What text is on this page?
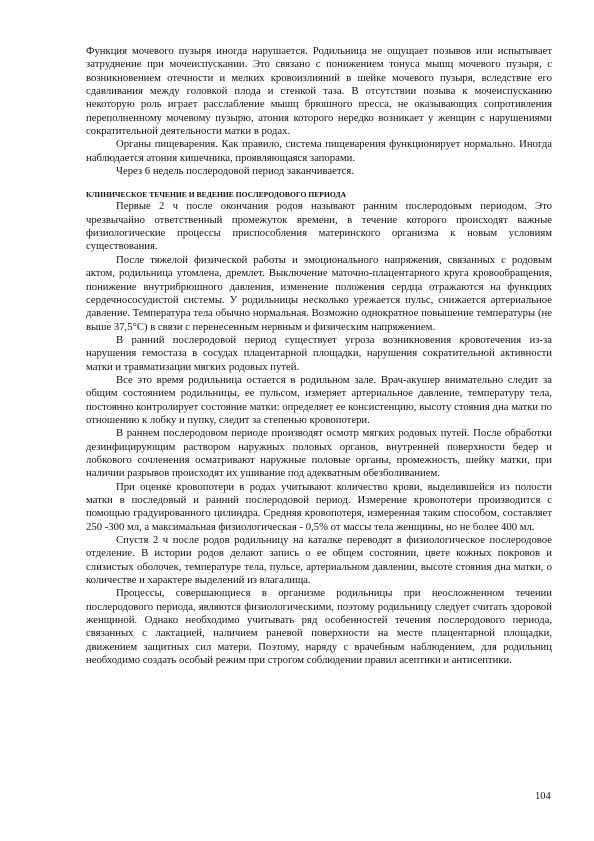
Функция мочевого пузыря иногда нарушается. Родильница не ощущает позывов или испытывает затруднение при мочеиспускании. Это связано с понижением тонуса мышц мочевого пузыря, с возникновением отечности и мелких кровоизлияний в шейке мочевого пузыря, вследствие его сдавливания между головкой плода и стенкой таза. В отсутствии позыва к мочеиспусканию некоторую роль играет расслабление мышц брюшного пресса, не оказывающих сопротивления переполненному мочевому пузырю, атония которого нередко возникает у женщин с нарушениями сократительной деятельности матки в родах.

Органы пищеварения. Как правило, система пищеварения функционирует нормально. Иногда наблюдается атония кишечника, проявляющаяся запорами.

Через 6 недель послеродовой период заканчивается.

КЛИНИЧЕСКОЕ ТЕЧЕНИЕ И ВЕДЕНИЕ ПОСЛЕРОДОВОГО ПЕРИОДА

Первые 2 ч после окончания родов называют ранним послеродовым периодом. Это чрезвычайно ответственный промежуток времени, в течение которого происходят важные физиологические процессы приспособления материнского организма к новым условиям существования.

После тяжелой физической работы и эмоционального напряжения, связанных с родовым актом, родильница утомлена, дремлет. Выключение маточно-плацентарного круга кровообращения, понижение внутрибрюшного давления, изменение положения сердца отражаются на функциях сердечнососудистой системы. У родильницы несколько урежается пульс, снижается артериальное давление. Температура тела обычно нормальная. Возможно однократное повышение температуры (не выше 37,5°C) в связи с перенесенным нервным и физическим напряжением.

В ранний послеродовой период существует угроза возникновения кровотечения из-за нарушения гемостаза в сосудах плацентарной площадки, нарушения сократительной активности матки и травматизации мягких родовых путей.

Все это время родильница остается в родильном зале. Врач-акушер внимательно следит за общим состоянием родильницы, ее пульсом, измеряет артериальное давление, температуру тела, постоянно контролирует состояние матки: определяет ее консистенцию, высоту стояния дна матки по отношению к лобку и пупку, следит за степенью кровопотери.

В раннем послеродовом периоде производят осмотр мягких родовых путей. После обработки дезинфицирующим раствором наружных половых органов, внутренней поверхности бедер и лобкового сочленения осматривают наружные половые органы, промежность, шейку матки, при наличии разрывов происходят их ушивание под адекватным обезболиванием.

При оценке кровопотери в родах учитывают количество крови, выделившейся из полости матки в последовый и ранний послеродовой период. Измерение кровопотери производится с помощью градуированного цилиндра. Средняя кровопотеря, измеренная таким способом, составляет 250 -300 мл, а максимальная физиологическая - 0,5% от массы тела женщины, но не более 400 мл.

Спустя 2 ч после родов родильницу на каталке переводят в физиологическое послеродовое отделение. В истории родов делают запись о ее общем состоянии, цвете кожных покровов и слизистых оболочек, температуре тела, пульсе, артериальном давлении, высоте стояния дна матки, о количестве и характере выделений из влагалища.

Процессы, совершающиеся в организме родильницы при неосложненном течении послеродового периода, являются физиологическими, поэтому родильницу следует считать здоровой женщиной. Однако необходимо учитывать ряд особенностей течения послеродового периода, связанных с лактацией, наличием раневой поверхности на месте плацентарной площадки, движением защитных сил матери. Поэтому, наряду с врачебным наблюдением, для родильниц необходимо создать особый режим при строгом соблюдении правил асептики и антисептики.

104
